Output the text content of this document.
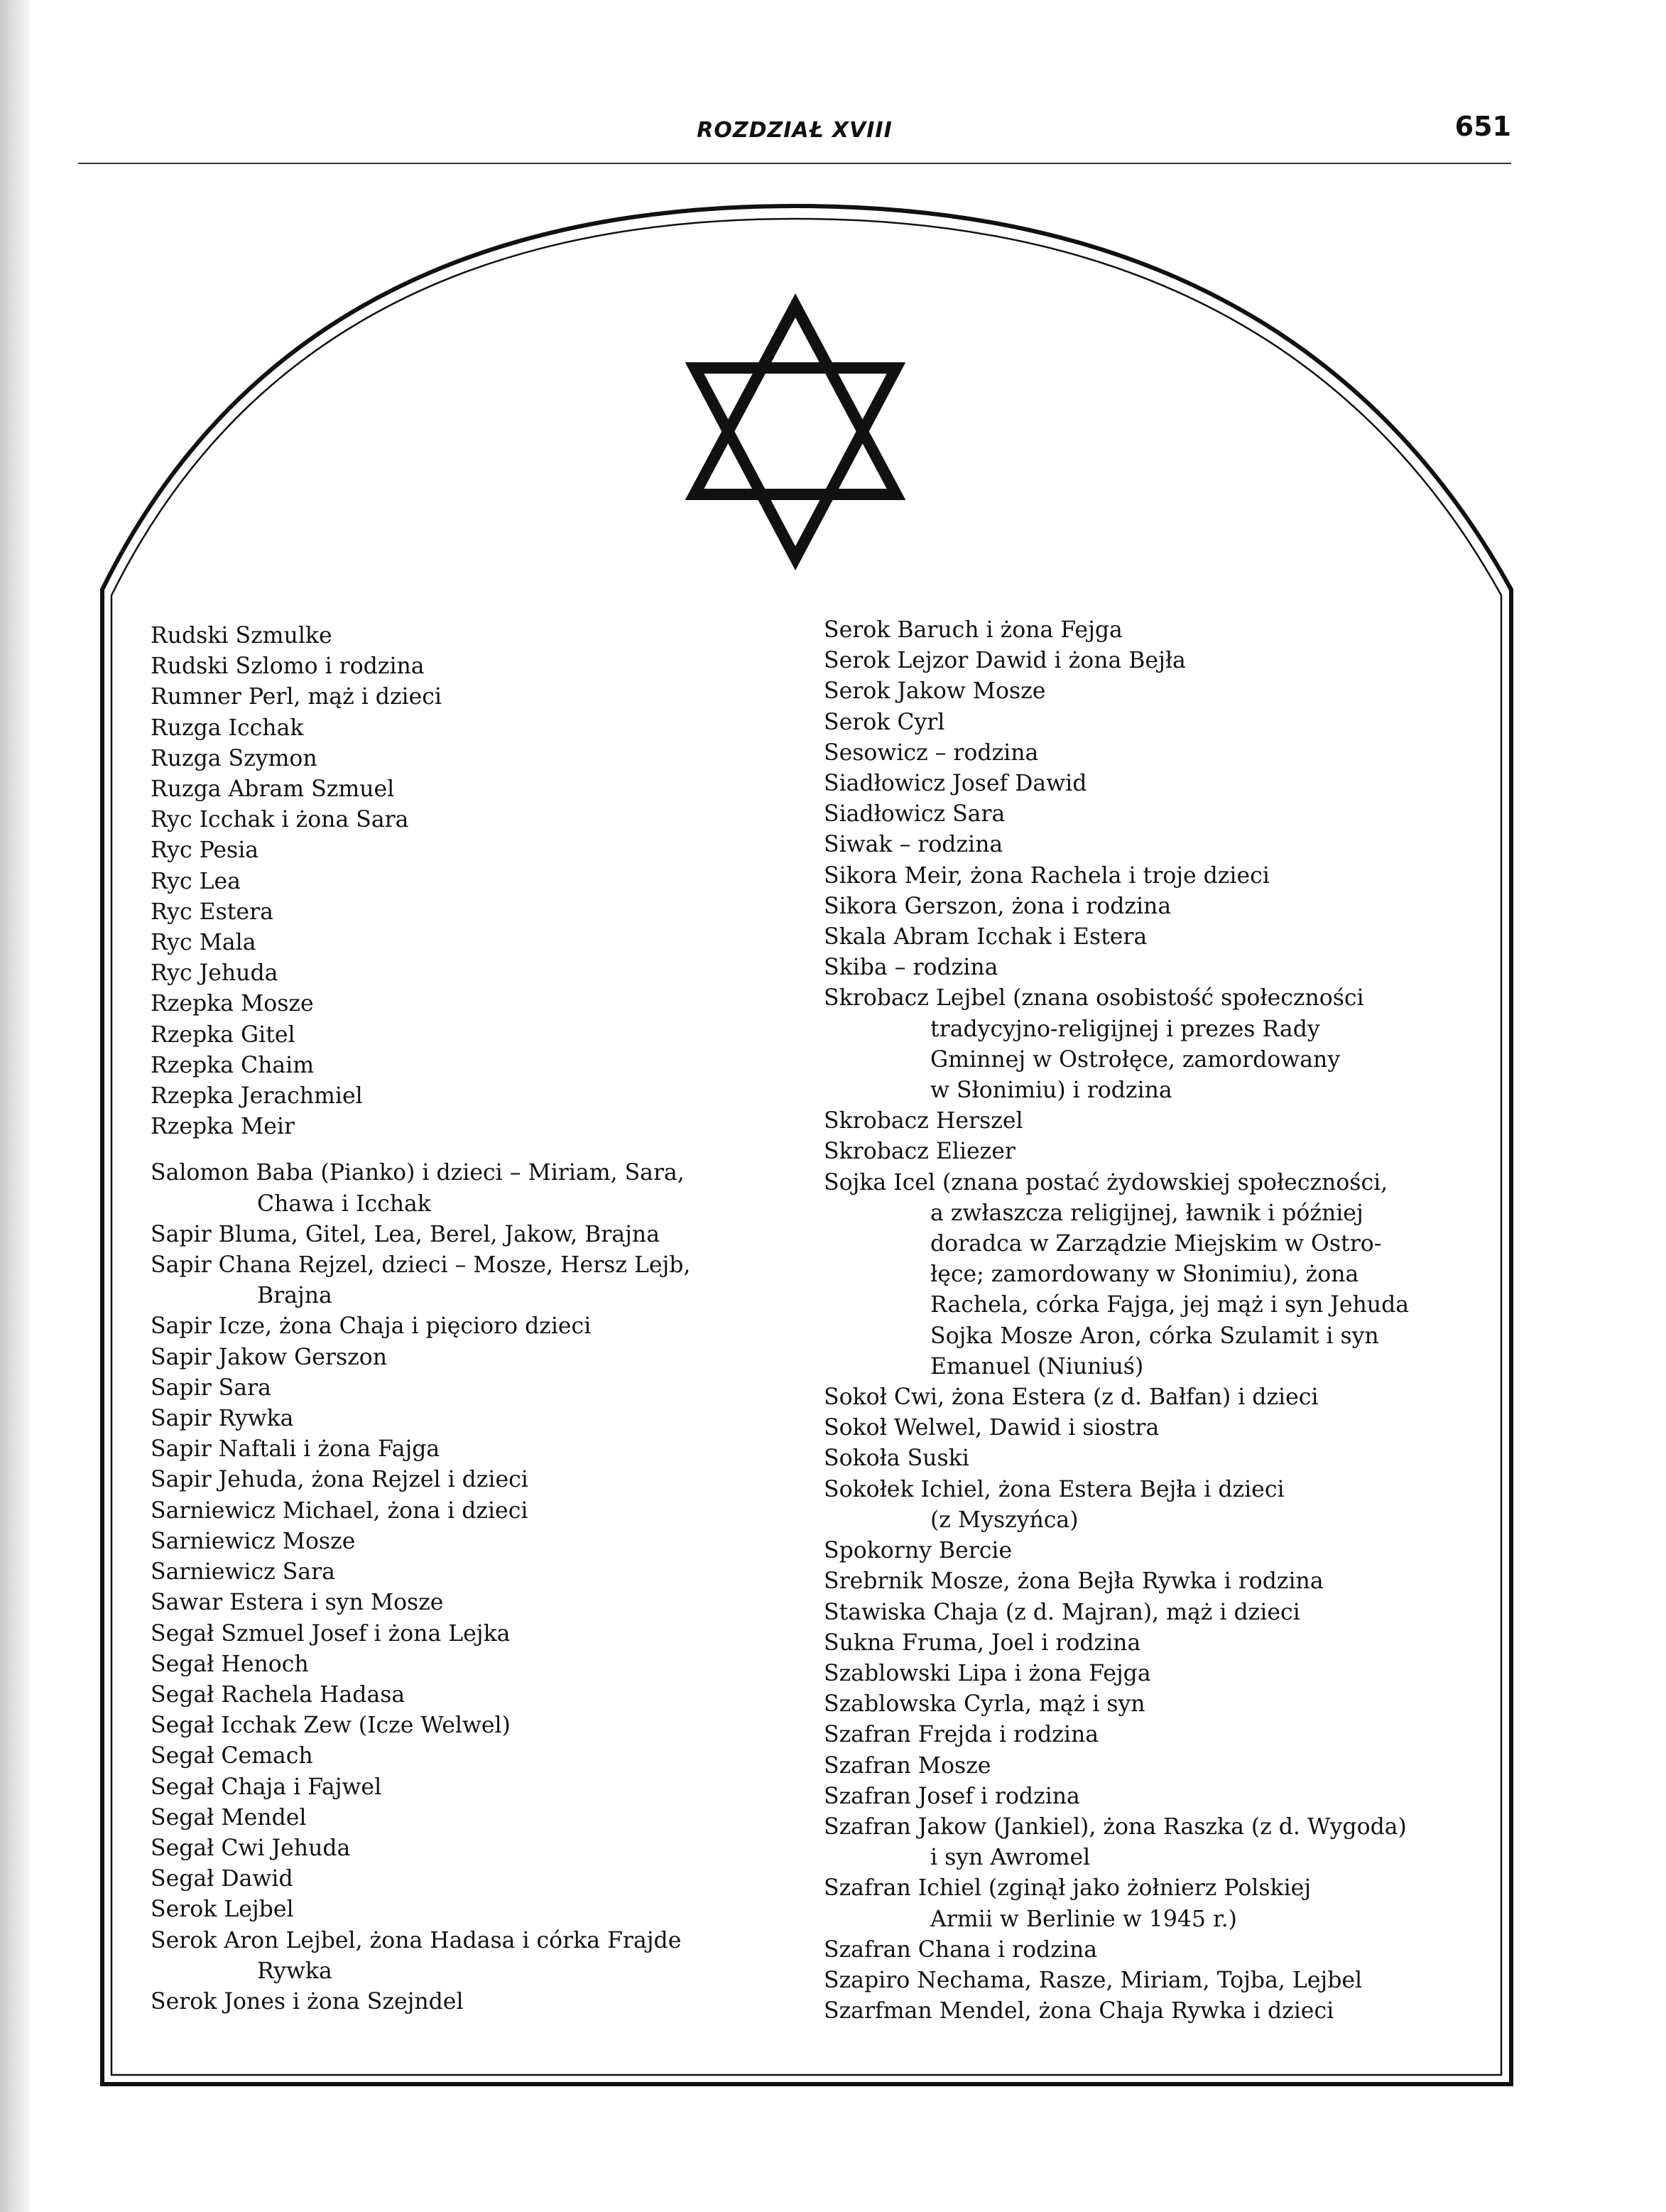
ROZDZIAŁ XVIII	651
Rudski Szmulke
Rudski Szlomo i rodzina
Rumner Perl, mąż i dzieci
Ruzga Icchak
Ruzga Szymon
Ruzga Abram Szmuel
Ryc Icchak i żona Sara
Ryc Pesia
Ryc Lea
Ryc Estera
Ryc Mala
Ryc Jehuda
Rzepka Mosze
Rzepka Gitel
Rzepka Chaim
Rzepka Jerachmiel
Rzepka Meir
Salomon Baba (Pianko) i dzieci – Miriam, Sara,
Chawa i Icchak
Sapir Bluma, Gitel, Lea, Berel, Jakow, Brajna
Sapir Chana Rejzel, dzieci – Mosze, Hersz Lejb,
Brajna
Sapir Icze, żona Chaja i pięcioro dzieci
Sapir Jakow Gerszon
Sapir Sara
Sapir Rywka
Sapir Naftali i żona Fajga
Sapir Jehuda, żona Rejzel i dzieci
Sarniewicz Michael, żona i dzieci
Sarniewicz Mosze
Sarniewicz Sara
Sawar Estera i syn Mosze
Segał Szmuel Josef i żona Lejka
Segał Henoch
Segał Rachela Hadasa
Segał Icchak Zew (Icze Welwel)
Segał Cemach
Segał Chaja i Fajwel
Segał Mendel
Segał Cwi Jehuda
Segał Dawid
Serok Lejbel
Serok Aron Lejbel, żona Hadasa i córka Frajde
Rywka
Serok Jones i żona Szejndel
Serok Baruch i żona Fejga
Serok Lejzor Dawid i żona Bejła
Serok Jakow Mosze
Serok Cyrl
Sesowicz – rodzina
Siadłowicz Josef Dawid
Siadłowicz Sara
Siwak – rodzina
Sikora Meir, żona Rachela i troje dzieci
Sikora Gerszon, żona i rodzina
Skala Abram Icchak i Estera
Skiba – rodzina
Skrobacz Lejbel (znana osobistość społeczności
tradycyjno-religijnej i prezes Rady
Gminnej w Ostrołęce, zamordowany
w Słonimiu) i rodzina
Skrobacz Herszel
Skrobacz Eliezer
Sojka Icel (znana postać żydowskiej społeczności,
a zwłaszcza religijnej, ławnik i później
doradca w Zarządzie Miejskim w Ostro-
łęce; zamordowany w Słonimiu), żona
Rachela, córka Fajga, jej mąż i syn Jehuda
Sojka Mosze Aron, córka Szulamit i syn
Emanuel (Niuniuś)
Sokoł Cwi, żona Estera (z d. Bałfan) i dzieci
Sokoł Welwel, Dawid i siostra
Sokoła Suski
Sokołek Ichiel, żona Estera Bejła i dzieci
(z Myszyńca)
Spokorny Bercie
Srebrnik Mosze, żona Bejła Rywka i rodzina
Stawiska Chaja (z d. Majran), mąż i dzieci
Sukna Fruma, Joel i rodzina
Szablowski Lipa i żona Fejga
Szablowska Cyrla, mąż i syn
Szafran Frejda i rodzina
Szafran Mosze
Szafran Josef i rodzina
Szafran Jakow (Jankiel), żona Raszka (z d. Wygoda)
i syn Awromel
Szafran Ichiel (zginął jako żołnierz Polskiej
Armii w Berlinie w 1945 r.)
Szafran Chana i rodzina
Szapiro Nechama, Rasze, Miriam, Tojba, Lejbel
Szarfman Mendel, żona Chaja Rywka i dzieci
